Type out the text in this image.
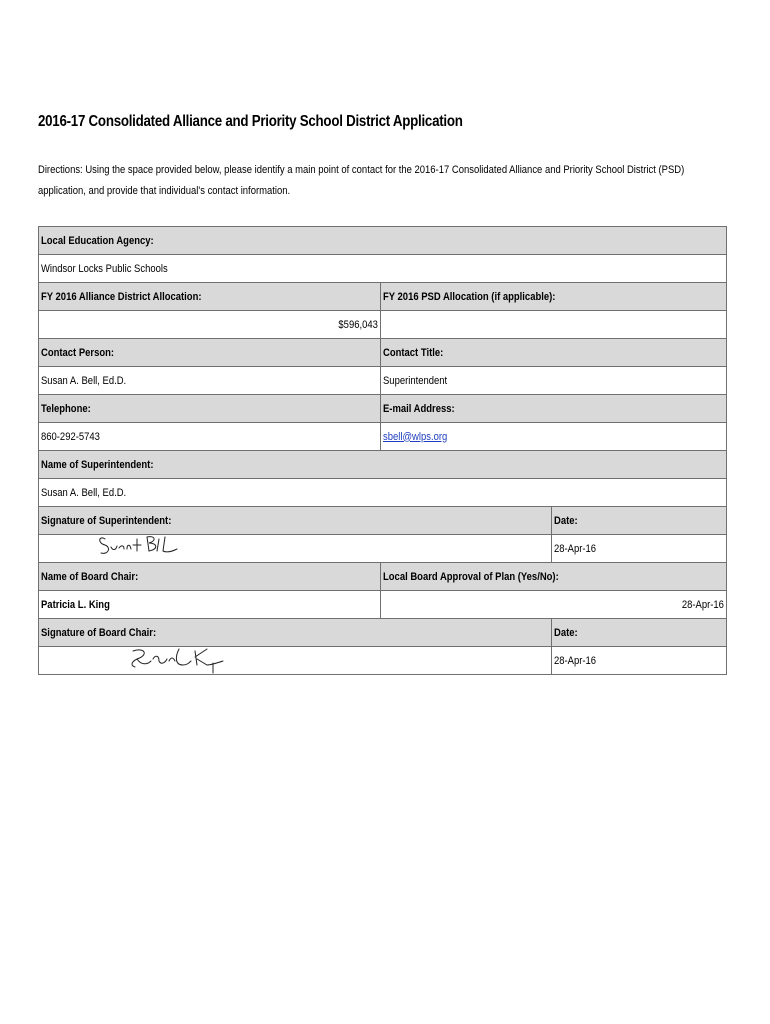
2016-17 Consolidated Alliance and Priority School District Application
Directions: Using the space provided below, please identify a main point of contact for the 2016-17 Consolidated Alliance and Priority School District (PSD) application, and provide that individual's contact information.
Local Education Agency:		
Windsor Locks Public Schools		
FY 2016 Alliance District Allocation:	FY 2016 PSD Allocation (if applicable):	
$596,043		
Contact Person:	Contact Title:	
Susan A. Bell, Ed.D.	Superintendent	
Telephone:	E-mail Address:	
860-292-5743	sbell@wlps.org	
Name of Superintendent:		
Susan A. Bell, Ed.D.		
Signature of Superintendent:		Date:

	28-Apr-16
Name of Board Chair:	Local Board Approval of Plan (Yes/No):	
Patricia L. King	28-Apr-16	
Signature of Board Chair:		Date:

	28-Apr-16
